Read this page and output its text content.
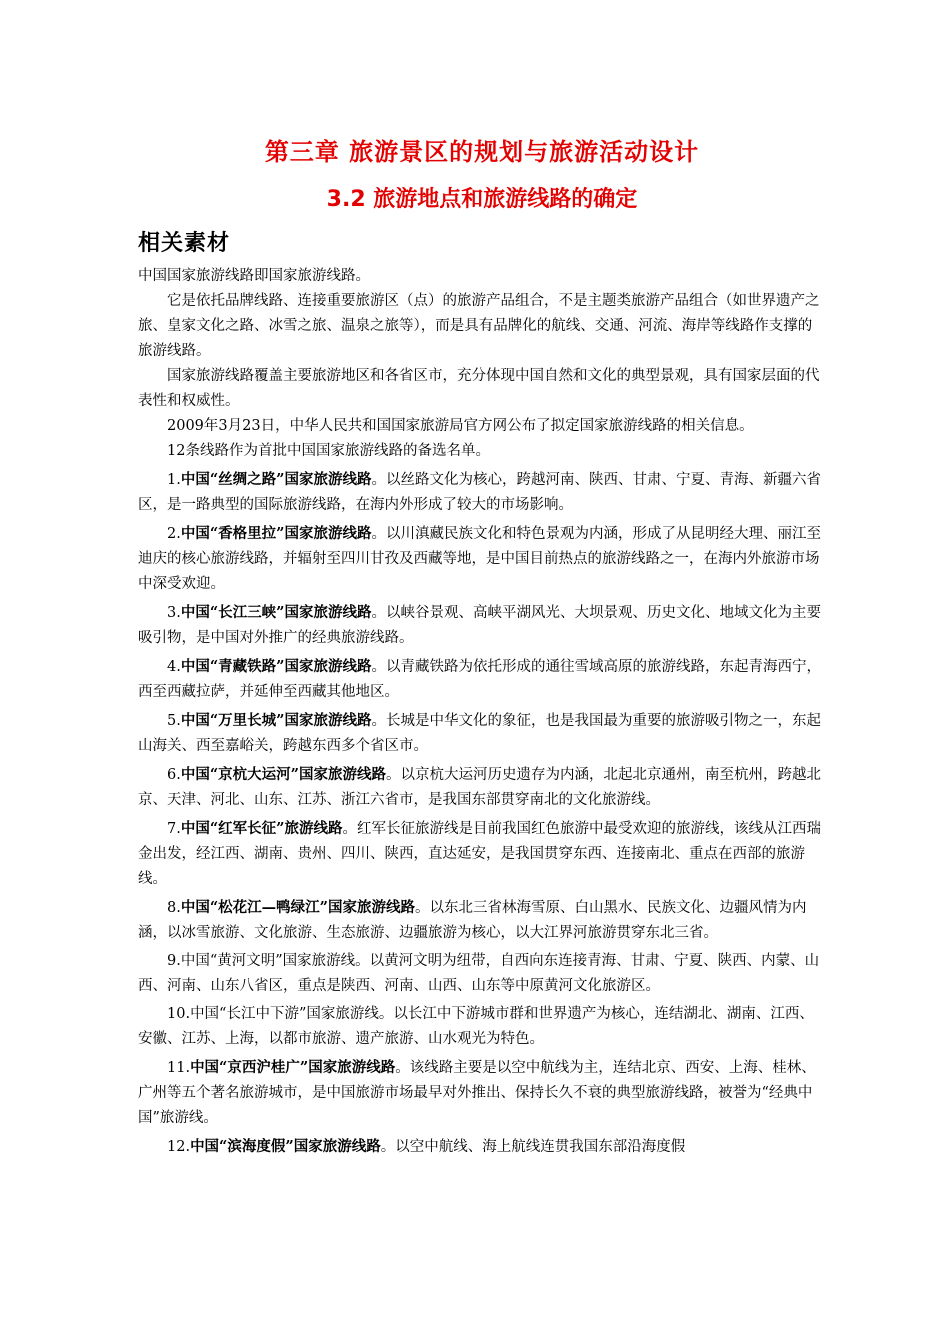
第三章 旅游景区的规划与旅游活动设计
3.2 旅游地点和旅游线路的确定
相关素材

中国国家旅游线路即国家旅游线路。

它是依托品牌线路、连接重要旅游区（点）的旅游产品组合，不是主题类旅游产品组合（如世界遗产之旅、皇家文化之路、冰雪之旅、温泉之旅等），而是具有品牌化的航线、交通、河流、海岸等线路作支撑的旅游线路。

国家旅游线路覆盖主要旅游地区和各省区市，充分体现中国自然和文化的典型景观，具有国家层面的代表性和权威性。

2009年3月23日，中华人民共和国国家旅游局官方网公布了拟定国家旅游线路的相关信息。

12条线路作为首批中国国家旅游线路的备选名单。

1.中国“丝绸之路”国家旅游线路。以丝路文化为核心，跨越河南、陕西、甘肃、宁夏、青海、新疆六省区，是一路典型的国际旅游线路，在海内外形成了较大的市场影响。

2.中国“香格里拉”国家旅游线路。以川滇藏民族文化和特色景观为内涵，形成了从昆明经大理、丽江至迪庆的核心旅游线路，并辐射至四川甘孜及西藏等地，是中国目前热点的旅游线路之一，在海内外旅游市场中深受欢迎。

3.中国“长江三峡”国家旅游线路。以峡谷景观、高峡平湖风光、大坝景观、历史文化、地域文化为主要吸引物，是中国对外推广的经典旅游线路。

4.中国“青藏铁路”国家旅游线路。以青藏铁路为依托形成的通往雪域高原的旅游线路，东起青海西宁，西至西藏拉萨，并延伸至西藏其他地区。

5.中国“万里长城”国家旅游线路。长城是中华文化的象征，也是我国最为重要的旅游吸引物之一，东起山海关、西至嘉峪关，跨越东西多个省区市。

6.中国“京杭大运河”国家旅游线路。以京杭大运河历史遗存为内涵，北起北京通州，南至杭州，跨越北京、天津、河北、山东、江苏、浙江六省市，是我国东部贯穿南北的文化旅游线。

7.中国“红军长征”旅游线路。红军长征旅游线是目前我国红色旅游中最受欢迎的旅游线，该线从江西瑞金出发，经江西、湖南、贵州、四川、陕西，直达延安，是我国贯穿东西、连接南北、重点在西部的旅游线。

8.中国“松花江—鸭绿江”国家旅游线路。以东北三省林海雪原、白山黑水、民族文化、边疆风情为内涵，以冰雪旅游、文化旅游、生态旅游、边疆旅游为核心，以大江界河旅游贯穿东北三省。

9.中国“黄河文明”国家旅游线。以黄河文明为纽带，自西向东连接青海、甘肃、宁夏、陕西、内蒙、山西、河南、山东八省区，重点是陕西、河南、山西、山东等中原黄河文化旅游区。

10.中国“长江中下游”国家旅游线。以长江中下游城市群和世界遗产为核心，连结湖北、湖南、江西、安徽、江苏、上海，以都市旅游、遗产旅游、山水观光为特色。

11.中国“京西沪桂广”国家旅游线路。该线路主要是以空中航线为主，连结北京、西安、上海、桂林、广州等五个著名旅游城市，是中国旅游市场最早对外推出、保持长久不衰的典型旅游线路，被誉为“经典中国”旅游线。

12.中国“滨海度假”国家旅游线路。以空中航线、海上航线连贯我国东部沿海度假
